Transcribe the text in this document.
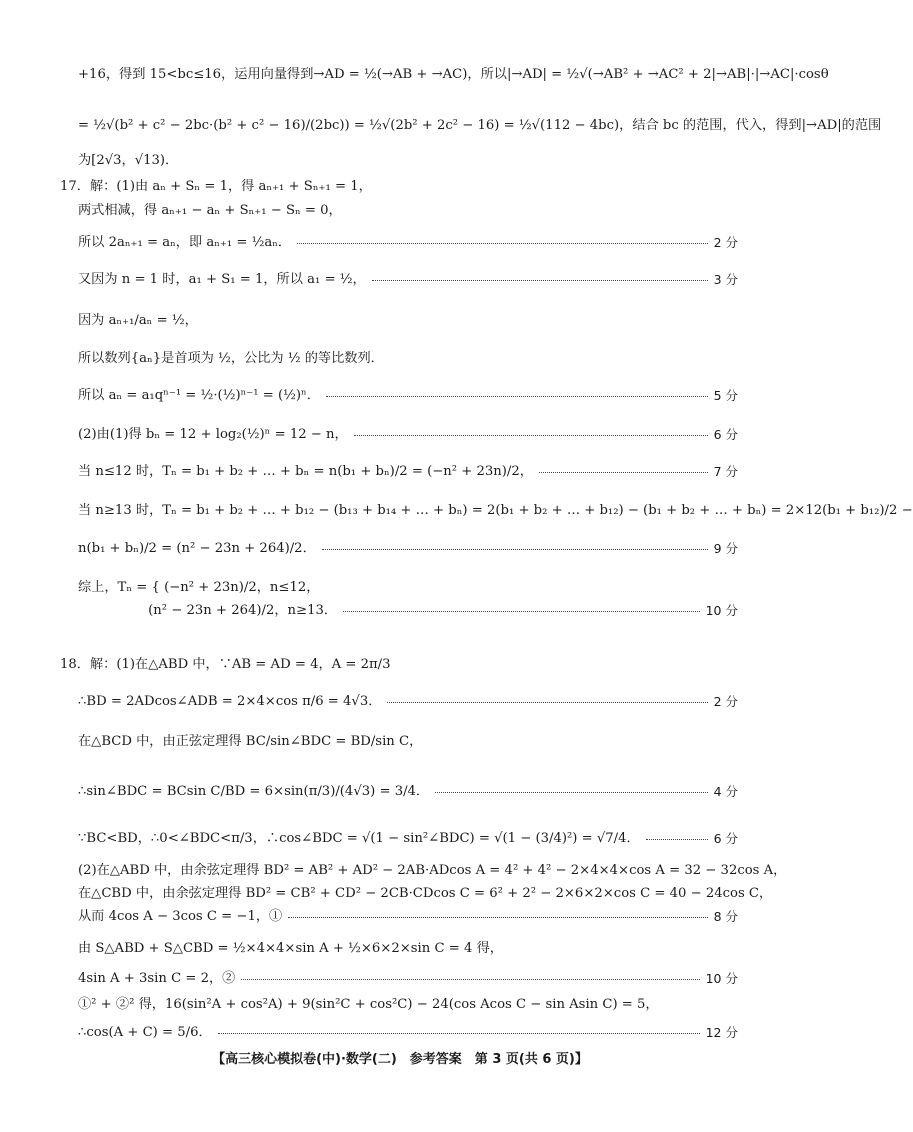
+16，得到 15<bc≤16，运用向量得到→AD = ½(→AB + →AC)，所以|→AD| = ½√(→AB² + →AC² + 2|→AB|·|→AC|·cosθ
= ½√(b² + c² − 2bc·(b² + c² − 16)/(2bc)) = ½√(2b² + 2c² − 16) = ½√(112 − 4bc)，结合 bc 的范围，代入，得到|→AD|的范围
为[2√3，√13)．
17．解：(1)由 aₙ + Sₙ = 1，得 aₙ₊₁ + Sₙ₊₁ = 1，
两式相减，得 aₙ₊₁ − aₙ + Sₙ₊₁ − Sₙ = 0，
所以 2aₙ₊₁ = aₙ，即 aₙ₊₁ = ½aₙ．	2 分
又因为 n = 1 时，a₁ + S₁ = 1，所以 a₁ = ½，	3 分
因为 aₙ₊₁/aₙ = ½，
所以数列{aₙ}是首项为 ½，公比为 ½ 的等比数列．
所以 aₙ = a₁qⁿ⁻¹ = ½·(½)ⁿ⁻¹ = (½)ⁿ．	5 分
(2)由(1)得 bₙ = 12 + log₂(½)ⁿ = 12 − n，	6 分
当 n≤12 时，Tₙ = b₁ + b₂ + … + bₙ = n(b₁ + bₙ)/2 = (−n² + 23n)/2，	7 分
当 n≥13 时，Tₙ = b₁ + b₂ + … + b₁₂ − (b₁₃ + b₁₄ + … + bₙ) = 2(b₁ + b₂ + … + b₁₂) − (b₁ + b₂ + … + bₙ) = 2×12(b₁ + b₁₂)/2 −
n(b₁ + bₙ)/2 = (n² − 23n + 264)/2．	9 分
综上，Tₙ = { (−n² + 23n)/2，n≤12，
　　　　　 (n² − 23n + 264)/2，n≥13．	10 分
18．解：(1)在△ABD 中，∵AB = AD = 4，A = 2π/3
∴BD = 2ADcos∠ADB = 2×4×cos π/6 = 4√3．	2 分
在△BCD 中，由正弦定理得 BC/sin∠BDC = BD/sin C，
∴sin∠BDC = BCsin C/BD = 6×sin(π/3)/(4√3) = 3/4．	4 分
∵BC<BD，∴0<∠BDC<π/3，∴cos∠BDC = √(1 − sin²∠BDC) = √(1 − (3/4)²) = √7/4．	6 分
(2)在△ABD 中，由余弦定理得 BD² = AB² + AD² − 2AB·ADcos A = 4² + 4² − 2×4×4×cos A = 32 − 32cos A，
在△CBD 中，由余弦定理得 BD² = CB² + CD² − 2CB·CDcos C = 6² + 2² − 2×6×2×cos C = 40 − 24cos C，
从而 4cos A − 3cos C = −1，①	8 分
由 S△ABD + S△CBD = ½×4×4×sin A + ½×6×2×sin C = 4 得，
4sin A + 3sin C = 2，②	10 分
①² + ②² 得，16(sin²A + cos²A) + 9(sin²C + cos²C) − 24(cos Acos C − sin Asin C) = 5，
∴cos(A + C) = 5/6．	12 分
【高三核心模拟卷(中)·数学(二)　参考答案　第 3 页(共 6 页)】
